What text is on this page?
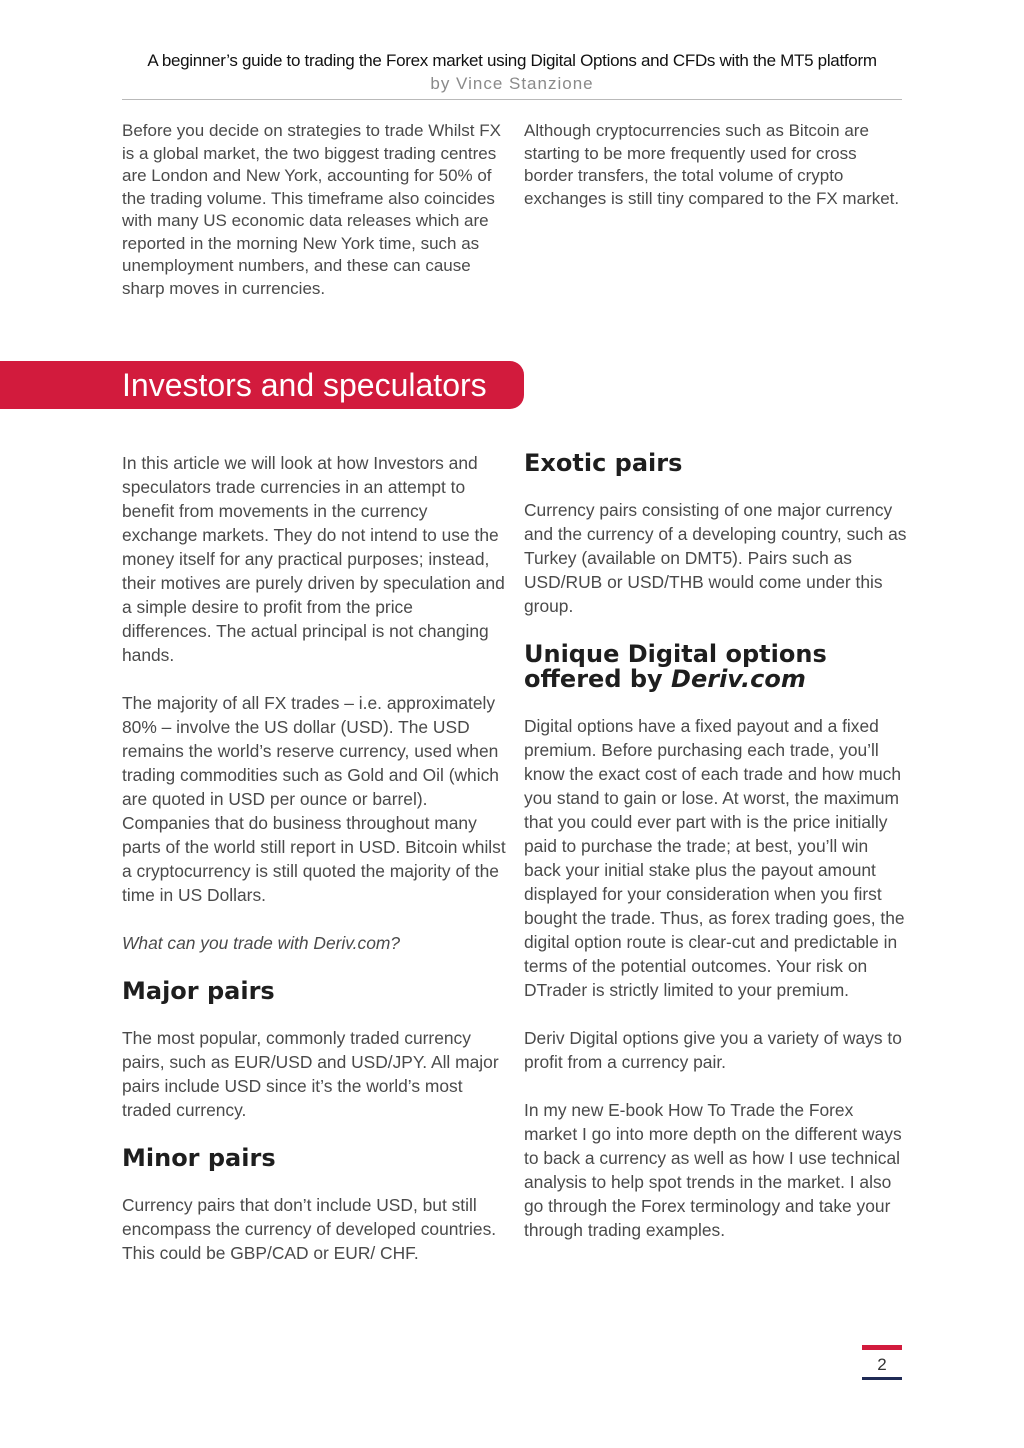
A beginner’s guide to trading the Forex market using Digital Options and CFDs with the MT5 platform
by Vince Stanzione

Before you decide on strategies to trade Whilst FX is a global market, the two biggest trading centres are London and New York, accounting for 50% of the trading volume. This timeframe also coincides with many US economic data releases which are reported in the morning New York time, such as unemployment numbers, and these can cause sharp moves in currencies.

Although cryptocurrencies such as Bitcoin are starting to be more frequently used for cross border transfers, the total volume of crypto exchanges is still tiny compared to the FX market.

Investors and speculators

In this article we will look at how Investors and speculators trade currencies in an attempt to benefit from movements in the currency exchange markets. They do not intend to use the money itself for any practical purposes; instead, their motives are purely driven by speculation and a simple desire to profit from the price differences. The actual principal is not changing hands.

The majority of all FX trades – i.e. approximately 80% – involve the US dollar (USD). The USD remains the world’s reserve currency, used when trading commodities such as Gold and Oil (which are quoted in USD per ounce or barrel). Companies that do business throughout many parts of the world still report in USD. Bitcoin whilst a cryptocurrency is still quoted the majority of the time in US Dollars.

What can you trade with Deriv.com?

Major pairs

The most popular, commonly traded currency pairs, such as EUR/USD and USD/JPY. All major pairs include USD since it’s the world’s most traded currency.

Minor pairs

Currency pairs that don’t include USD, but still encompass the currency of developed countries. This could be GBP/CAD or EUR/ CHF.

Exotic pairs

Currency pairs consisting of one major currency and the currency of a developing country, such as Turkey (available on DMT5). Pairs such as USD/RUB or USD/THB would come under this group.

Unique Digital options offered by Deriv.com

Digital options have a fixed payout and a fixed premium. Before purchasing each trade, you’ll know the exact cost of each trade and how much you stand to gain or lose. At worst, the maximum that you could ever part with is the price initially paid to purchase the trade; at best, you’ll win back your initial stake plus the payout amount displayed for your consideration when you first bought the trade. Thus, as forex trading goes, the digital option route is clear-cut and predictable in terms of the potential outcomes. Your risk on DTrader is strictly limited to your premium.

Deriv Digital options give you a variety of ways to profit from a currency pair.

In my new E-book How To Trade the Forex market I go into more depth on the different ways to back a currency as well as how I use technical analysis to help spot trends in the market. I also go through the Forex terminology and take your through trading examples.

2
